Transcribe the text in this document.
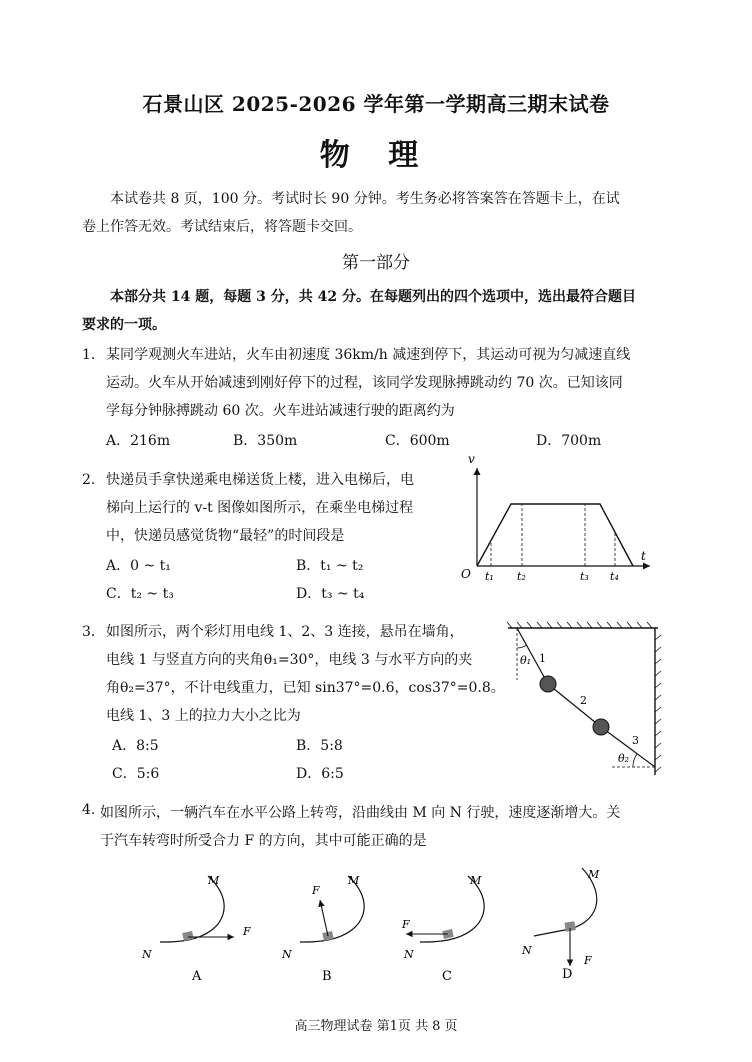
石景山区 2025-2026 学年第一学期高三期末试卷
物 理
本试卷共 8 页，100 分。考试时长 90 分钟。考生务必将答案答在答题卡上，在试
卷上作答无效。考试结束后，将答题卡交回。
第一部分
本部分共 14 题，每题 3 分，共 42 分。在每题列出的四个选项中，选出最符合题目
要求的一项。
1． 某同学观测火车进站，火车由初速度 36km/h 减速到停下，其运动可视为匀减速直线
运动。火车从开始减速到刚好停下的过程，该同学发现脉搏跳动约 70 次。已知该同
学每分钟脉搏跳动 60 次。火车进站减速行驶的距离约为
A．216m	B．350m	C．600m	D．700m
2． 快递员手拿快递乘电梯送货上楼，进入电梯后，电
梯向上运行的 v-t 图像如图所示，在乘坐电梯过程
中，快递员感觉货物“最轻”的时间段是
A．0 ~ t₁	B．t₁ ~ t₂
C．t₂ ~ t₃	D．t₃ ~ t₄
v
t
O t₁ t₂	t₃ t₄
3． 如图所示，两个彩灯用电线 1、2、3 连接，悬吊在墙角，
电线 1 与竖直方向的夹角θ₁=30°，电线 3 与水平方向的夹
角θ₂=37°，不计电线重力，已知 sin37°=0.6，cos37°=0.8。
电线 1、3 上的拉力大小之比为
A．8:5	B．5:8
C．5:6	D．6:5
θ₁
θ₂
1
2
3
4. 如图所示，一辆汽车在水平公路上转弯，沿曲线由 M 向 N 行驶，速度逐渐增大。关
于汽车转弯时所受合力 F 的方向，其中可能正确的是
M
N
F
A
M
N
F
B
M
N
F
C
M
N
F
D
高三物理试卷 第1页 共 8 页
